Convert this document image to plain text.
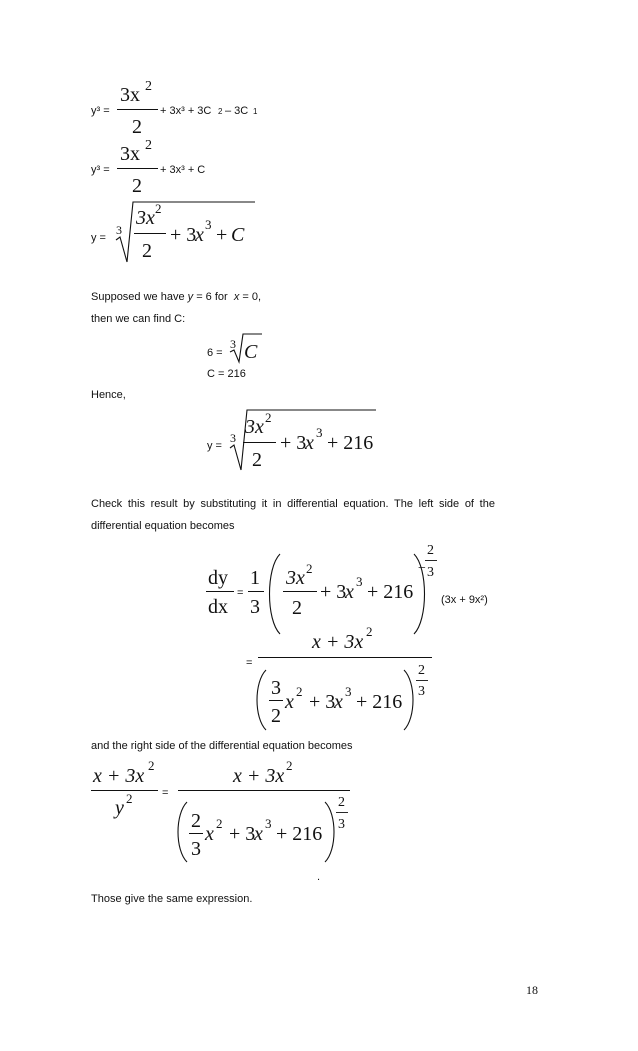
y³ =
3x 2
2
+ 3x³ + 3C 2 – 3C 1
y³ =
3x 2
2
+ 3x³ + C
y =
3
3x 2
2
+ 3
x 3 + C
6 =
3 C
y =
3 3x 2
2
+ 3
x 3 + 216
dy
dx
=
1
3
3x 2
2
+ 3
x 3 + 216
−
2
3
(3x + 9x²)
=
x + 3x 2
3
2
x 2 + 3
x 3 + 216
2
3
x + 3x 2
y 2	=
x + 3x 2
2
3
x 2 + 3
x 3 + 216
2
3
.
Supposed we have y = 6 for x = 0,
then we can find C:
C = 216
Hence,
Check this result by substituting it in differential equation. The left side of the
differential equation becomes
and the right side of the differential equation becomes
Those give the same expression.
18
